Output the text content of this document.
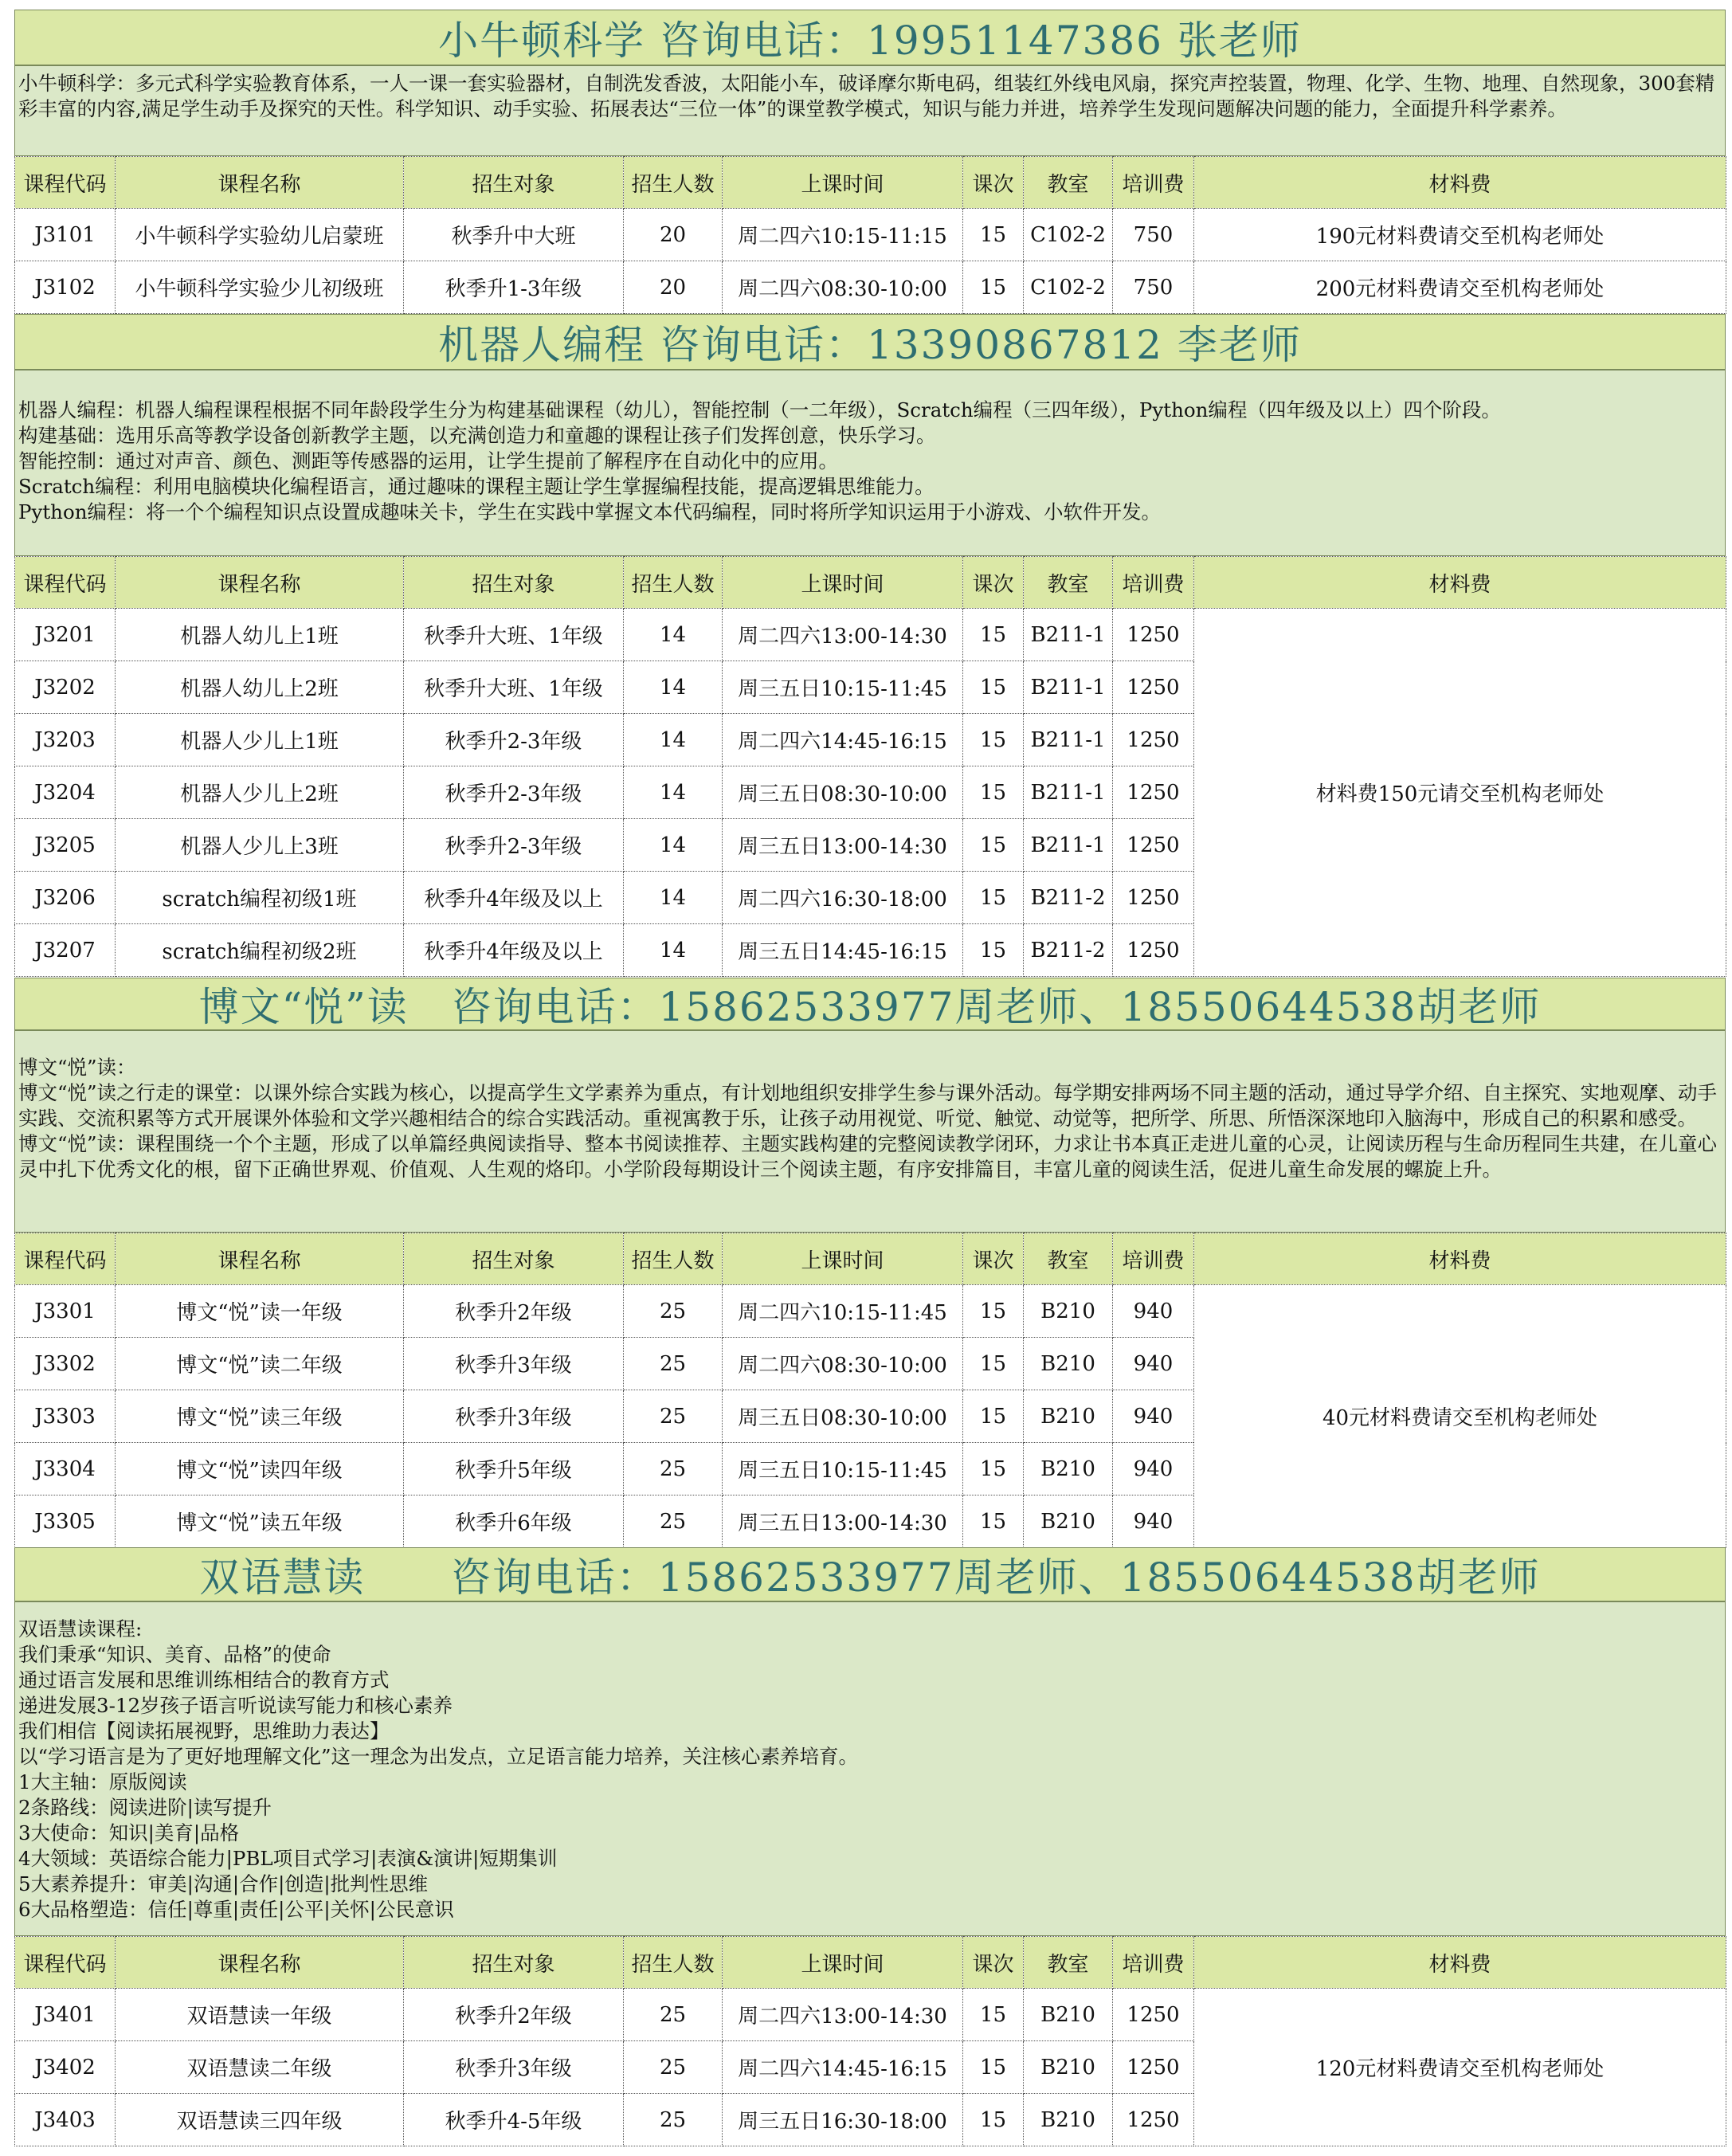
小牛顿科学 咨询电话：19951147386 张老师
小牛顿科学：多元式科学实验教育体系，一人一课一套实验器材，自制洗发香波，太阳能小车，破译摩尔斯电码，组装红外线电风扇，探究声控装置，物理、化学、生物、地理、自然现象，300套精彩丰富的内容,满足学生动手及探究的天性。科学知识、动手实验、拓展表达“三位一体”的课堂教学模式，知识与能力并进，培养学生发现问题解决问题的能力，全面提升科学素养。
课程代码	课程名称	招生对象	招生人数	上课时间	课次	教室	培训费	材料费
J3101	小牛顿科学实验幼儿启蒙班	秋季升中大班	20	周二四六10:15-11:15	15	C102-2	750	190元材料费请交至机构老师处
J3102	小牛顿科学实验少儿初级班	秋季升1-3年级	20	周二四六08:30-10:00	15	C102-2	750	200元材料费请交至机构老师处
机器人编程 咨询电话：13390867812 李老师
机器人编程：机器人编程课程根据不同年龄段学生分为构建基础课程（幼儿），智能控制（一二年级），Scratch编程（三四年级），Python编程（四年级及以上）四个阶段。
构建基础：选用乐高等教学设备创新教学主题，以充满创造力和童趣的课程让孩子们发挥创意，快乐学习。
智能控制：通过对声音、颜色、测距等传感器的运用，让学生提前了解程序在自动化中的应用。
Scratch编程：利用电脑模块化编程语言，通过趣味的课程主题让学生掌握编程技能，提高逻辑思维能力。
Python编程：将一个个编程知识点设置成趣味关卡，学生在实践中掌握文本代码编程，同时将所学知识运用于小游戏、小软件开发。
课程代码	课程名称	招生对象	招生人数	上课时间	课次	教室	培训费	材料费
J3201	机器人幼儿上1班	秋季升大班、1年级	14	周二四六13:00-14:30	15	B211-1	1250	材料费150元请交至机构老师处
J3202	机器人幼儿上2班	秋季升大班、1年级	14	周三五日10:15-11:45	15	B211-1	1250	
J3203	机器人少儿上1班	秋季升2-3年级	14	周二四六14:45-16:15	15	B211-1	1250	
J3204	机器人少儿上2班	秋季升2-3年级	14	周三五日08:30-10:00	15	B211-1	1250	
J3205	机器人少儿上3班	秋季升2-3年级	14	周三五日13:00-14:30	15	B211-1	1250	
J3206	scratch编程初级1班	秋季升4年级及以上	14	周二四六16:30-18:00	15	B211-2	1250	
J3207	scratch编程初级2班	秋季升4年级及以上	14	周三五日14:45-16:15	15	B211-2	1250	
博文“悦”读   咨询电话：15862533977周老师、18550644538胡老师
博文“悦”读：
博文“悦”读之行走的课堂：以课外综合实践为核心，以提高学生文学素养为重点，有计划地组织安排学生参与课外活动。每学期安排两场不同主题的活动，通过导学介绍、自主探究、实地观摩、动手实践、交流积累等方式开展课外体验和文学兴趣相结合的综合实践活动。重视寓教于乐，让孩子动用视觉、听觉、触觉、动觉等，把所学、所思、所悟深深地印入脑海中，形成自己的积累和感受。
博文“悦”读：课程围绕一个个主题，形成了以单篇经典阅读指导、整本书阅读推荐、主题实践构建的完整阅读教学闭环，力求让书本真正走进儿童的心灵，让阅读历程与生命历程同生共建，在儿童心灵中扎下优秀文化的根，留下正确世界观、价值观、人生观的烙印。小学阶段每期设计三个阅读主题，有序安排篇目，丰富儿童的阅读生活，促进儿童生命发展的螺旋上升。
课程代码	课程名称	招生对象	招生人数	上课时间	课次	教室	培训费	材料费
J3301	博文“悦”读一年级	秋季升2年级	25	周二四六10:15-11:45	15	B210	940	40元材料费请交至机构老师处
J3302	博文“悦”读二年级	秋季升3年级	25	周二四六08:30-10:00	15	B210	940	
J3303	博文“悦”读三年级	秋季升3年级	25	周三五日08:30-10:00	15	B210	940	
J3304	博文“悦”读四年级	秋季升5年级	25	周三五日10:15-11:45	15	B210	940	
J3305	博文“悦”读五年级	秋季升6年级	25	周三五日13:00-14:30	15	B210	940	
双语慧读      咨询电话：15862533977周老师、18550644538胡老师
双语慧读课程:
我们秉承“知识、美育、品格”的使命
通过语言发展和思维训练相结合的教育方式
递进发展3-12岁孩子语言听说读写能力和核心素养
我们相信【阅读拓展视野，思维助力表达】
以“学习语言是为了更好地理解文化”这一理念为出发点，立足语言能力培养，关注核心素养培育。
1大主轴：原版阅读
2条路线：阅读进阶|读写提升
3大使命：知识|美育|品格
4大领域：英语综合能力|PBL项目式学习|表演&演讲|短期集训
5大素养提升：审美|沟通|合作|创造|批判性思维
6大品格塑造：信任|尊重|责任|公平|关怀|公民意识
课程代码	课程名称	招生对象	招生人数	上课时间	课次	教室	培训费	材料费
J3401	双语慧读一年级	秋季升2年级	25	周二四六13:00-14:30	15	B210	1250	120元材料费请交至机构老师处
J3402	双语慧读二年级	秋季升3年级	25	周二四六14:45-16:15	15	B210	1250	
J3403	双语慧读三四年级	秋季升4-5年级	25	周三五日16:30-18:00	15	B210	1250	
